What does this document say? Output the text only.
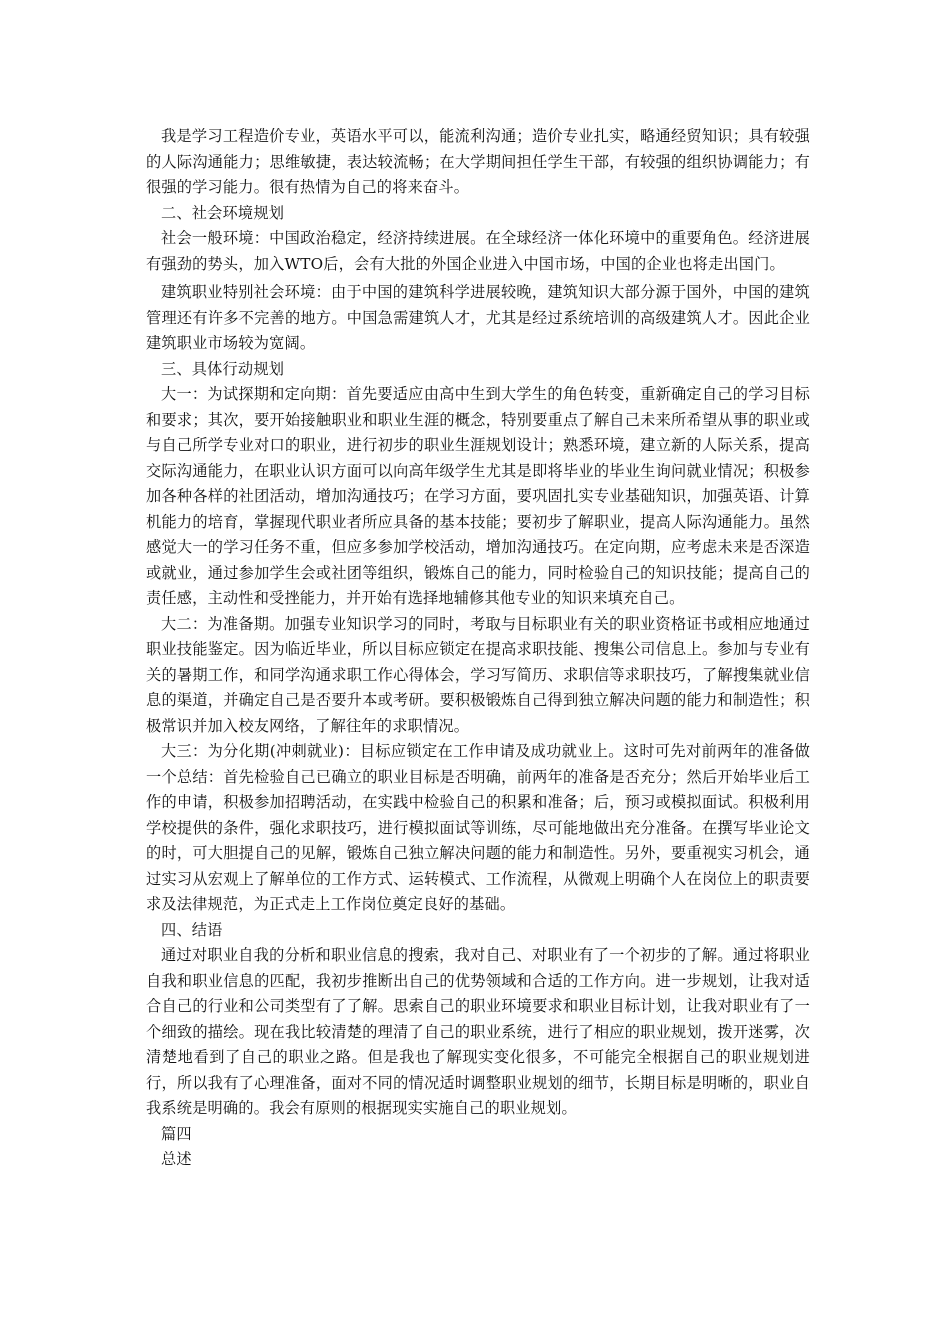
我是学习工程造价专业，英语水平可以，能流利沟通；造价专业扎实，略通经贸知识；具有较强的人际沟通能力；思维敏捷，表达较流畅；在大学期间担任学生干部，有较强的组织协调能力；有很强的学习能力。很有热情为自己的将来奋斗。

二、社会环境规划

社会一般环境：中国政治稳定，经济持续进展。在全球经济一体化环境中的重要角色。经济进展有强劲的势头，加入WTO后，会有大批的外国企业进入中国市场，中国的企业也将走出国门。

建筑职业特别社会环境：由于中国的建筑科学进展较晚，建筑知识大部分源于国外，中国的建筑管理还有许多不完善的地方。中国急需建筑人才，尤其是经过系统培训的高级建筑人才。因此企业建筑职业市场较为宽阔。

三、具体行动规划

大一：为试探期和定向期：首先要适应由高中生到大学生的角色转变，重新确定自己的学习目标和要求；其次，要开始接触职业和职业生涯的概念，特别要重点了解自己未来所希望从事的职业或与自己所学专业对口的职业，进行初步的职业生涯规划设计；熟悉环境，建立新的人际关系，提高交际沟通能力，在职业认识方面可以向高年级学生尤其是即将毕业的毕业生询问就业情况；积极参加各种各样的社团活动，增加沟通技巧；在学习方面，要巩固扎实专业基础知识，加强英语、计算机能力的培育，掌握现代职业者所应具备的基本技能；要初步了解职业，提高人际沟通能力。虽然感觉大一的学习任务不重，但应多参加学校活动，增加沟通技巧。在定向期，应考虑未来是否深造或就业，通过参加学生会或社团等组织，锻炼自己的能力，同时检验自己的知识技能；提高自己的责任感，主动性和受挫能力，并开始有选择地辅修其他专业的知识来填充自己。

大二：为准备期。加强专业知识学习的同时，考取与目标职业有关的职业资格证书或相应地通过职业技能鉴定。因为临近毕业，所以目标应锁定在提高求职技能、搜集公司信息上。参加与专业有关的暑期工作，和同学沟通求职工作心得体会，学习写简历、求职信等求职技巧，了解搜集就业信息的渠道，并确定自己是否要升本或考研。要积极锻炼自己得到独立解决问题的能力和制造性；积极常识并加入校友网络，了解往年的求职情况。

大三：为分化期(冲刺就业)：目标应锁定在工作申请及成功就业上。这时可先对前两年的准备做一个总结：首先检验自己已确立的职业目标是否明确，前两年的准备是否充分；然后开始毕业后工作的申请，积极参加招聘活动，在实践中检验自己的积累和准备；后，预习或模拟面试。积极利用学校提供的条件，强化求职技巧，进行模拟面试等训练，尽可能地做出充分准备。在撰写毕业论文的时，可大胆提自己的见解，锻炼自己独立解决问题的能力和制造性。另外，要重视实习机会，通过实习从宏观上了解单位的工作方式、运转模式、工作流程，从微观上明确个人在岗位上的职责要求及法律规范，为正式走上工作岗位奠定良好的基础。

四、结语

通过对职业自我的分析和职业信息的搜索，我对自己、对职业有了一个初步的了解。通过将职业自我和职业信息的匹配，我初步推断出自己的优势领域和合适的工作方向。进一步规划，让我对适合自己的行业和公司类型有了了解。思索自己的职业环境要求和职业目标计划，让我对职业有了一个细致的描绘。现在我比较清楚的理清了自己的职业系统，进行了相应的职业规划，拨开迷雾，次清楚地看到了自己的职业之路。但是我也了解现实变化很多，不可能完全根据自己的职业规划进行，所以我有了心理准备，面对不同的情况适时调整职业规划的细节，长期目标是明晰的，职业自我系统是明确的。我会有原则的根据现实实施自己的职业规划。

篇四

总述
